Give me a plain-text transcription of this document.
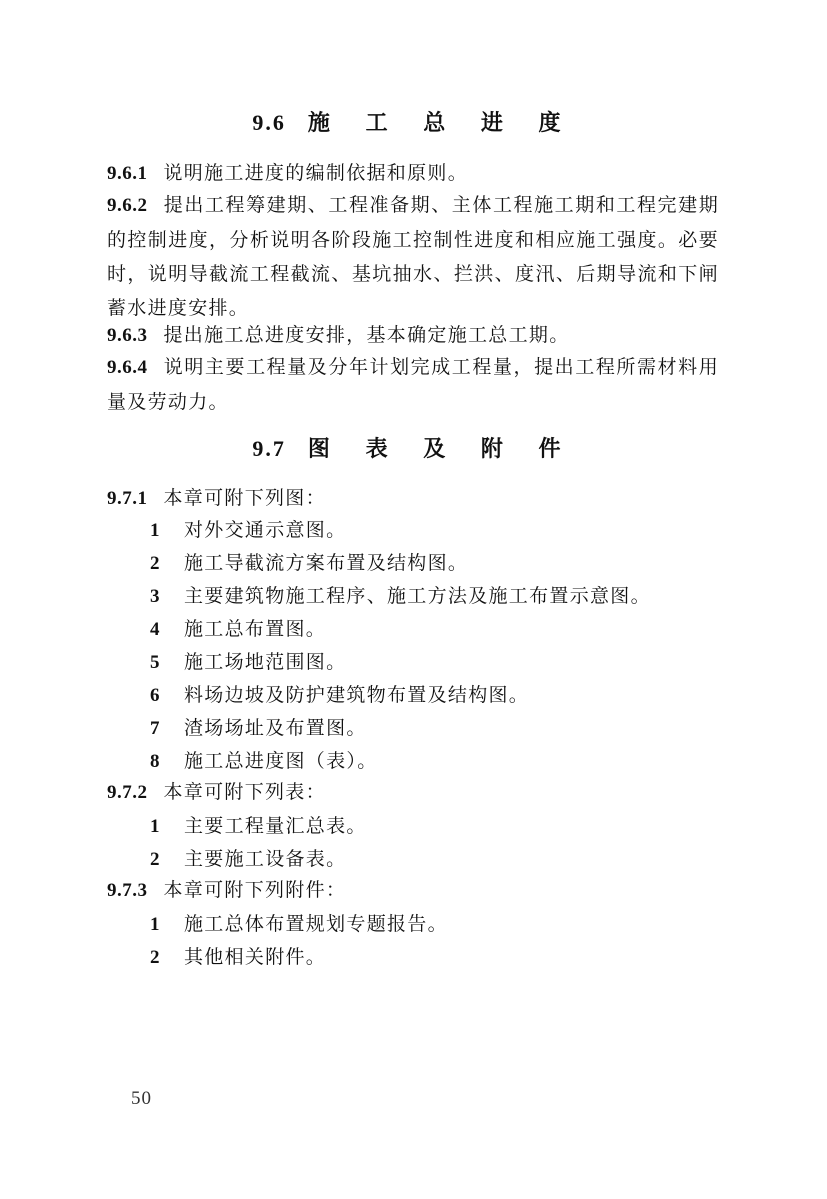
9.6 施 工 总 进 度
9.6.1 说明施工进度的编制依据和原则。
9.6.2 提出工程筹建期、工程准备期、主体工程施工期和工程完建期的控制进度，分析说明各阶段施工控制性进度和相应施工强度。必要时，说明导截流工程截流、基坑抽水、拦洪、度汛、后期导流和下闸蓄水进度安排。
9.6.3 提出施工总进度安排，基本确定施工总工期。
9.6.4 说明主要工程量及分年计划完成工程量，提出工程所需材料用量及劳动力。
9.7 图 表 及 附 件
9.7.1 本章可附下列图：
1 对外交通示意图。
2 施工导截流方案布置及结构图。
3 主要建筑物施工程序、施工方法及施工布置示意图。
4 施工总布置图。
5 施工场地范围图。
6 料场边坡及防护建筑物布置及结构图。
7 渣场场址及布置图。
8 施工总进度图（表）。
9.7.2 本章可附下列表：
1 主要工程量汇总表。
2 主要施工设备表。
9.7.3 本章可附下列附件：
1 施工总体布置规划专题报告。
2 其他相关附件。
50
